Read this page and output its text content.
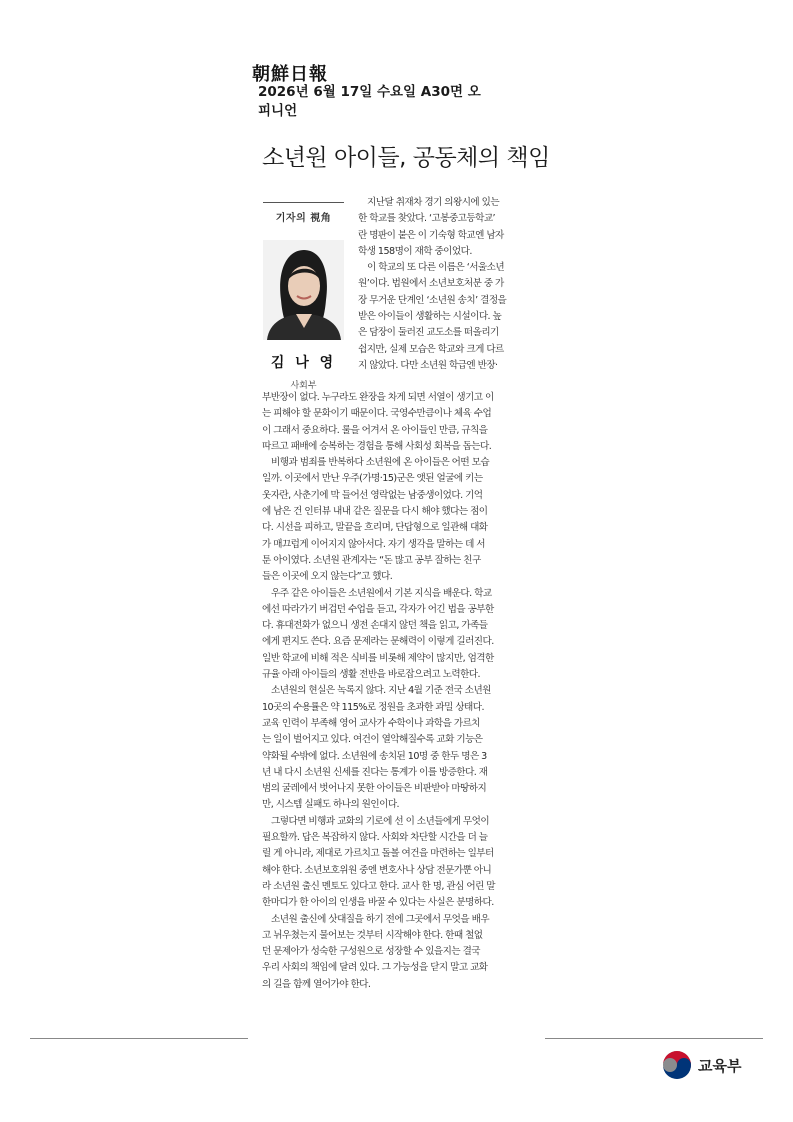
朝鮮日報
2026년 6월 17일 수요일 A30면 오피니언
소년원 아이들, 공동체의 책임
기자의 視角
김 나 영
사회부
　지난달 취재차 경기 의왕시에 있는
한 학교를 찾았다. ‘고봉중고등학교’
란 명판이 붙은 이 기숙형 학교엔 남자
학생 158명이 재학 중이었다.
　이 학교의 또 다른 이름은 ‘서울소년
원’이다. 법원에서 소년보호처분 중 가
장 무거운 단계인 ‘소년원 송치’ 결정을
받은 아이들이 생활하는 시설이다. 높
은 담장이 둘러진 교도소를 떠올리기
쉽지만, 실제 모습은 학교와 크게 다르
지 않았다. 다만 소년원 학급엔 반장·
부반장이 없다. 누구라도 완장을 차게 되면 서열이 생기고 이
는 피해야 할 문화이기 때문이다. 국영수만큼이나 체육 수업
이 그래서 중요하다. 룰을 어겨서 온 아이들인 만큼, 규칙을
따르고 패배에 승복하는 경험을 통해 사회성 회복을 돕는다.
　비행과 범죄를 반복하다 소년원에 온 아이들은 어떤 모습
일까. 이곳에서 만난 우주(가명·15)군은 앳된 얼굴에 키는
웃자란, 사춘기에 막 들어선 영락없는 남중생이었다. 기억
에 남은 건 인터뷰 내내 같은 질문을 다시 해야 했다는 점이
다. 시선을 피하고, 말끝을 흐리며, 단답형으로 일관해 대화
가 매끄럽게 이어지지 않아서다. 자기 생각을 말하는 데 서
툰 아이였다. 소년원 관계자는 “돈 많고 공부 잘하는 친구
들은 이곳에 오지 않는다”고 했다.
　우주 같은 아이들은 소년원에서 기본 지식을 배운다. 학교
에선 따라가기 버겁던 수업을 듣고, 각자가 어긴 법을 공부한
다. 휴대전화가 없으니 생전 손대지 않던 책을 읽고, 가족들
에게 편지도 쓴다. 요즘 문제라는 문해력이 이렇게 길러진다.
일반 학교에 비해 적은 식비를 비롯해 제약이 많지만, 엄격한
규율 아래 아이들의 생활 전반을 바로잡으려고 노력한다.
　소년원의 현실은 녹록지 않다. 지난 4월 기준 전국 소년원
10곳의 수용률은 약 115%로 정원을 초과한 과밀 상태다.
교육 인력이 부족해 영어 교사가 수학이나 과학을 가르치
는 일이 벌어지고 있다. 여건이 열악해질수록 교화 기능은
약화될 수밖에 없다. 소년원에 송치된 10명 중 한두 명은 3
년 내 다시 소년원 신세를 진다는 통계가 이를 방증한다. 재
범의 굴레에서 벗어나지 못한 아이들은 비판받아 마땅하지
만, 시스템 실패도 하나의 원인이다.
　그렇다면 비행과 교화의 기로에 선 이 소년들에게 무엇이
필요할까. 답은 복잡하지 않다. 사회와 차단할 시간을 더 늘
릴 게 아니라, 제대로 가르치고 돌볼 여건을 마련하는 일부터
해야 한다. 소년보호위원 중엔 변호사나 상담 전문가뿐 아니
라 소년원 출신 멘토도 있다고 한다. 교사 한 명, 관심 어린 말
한마디가 한 아이의 인생을 바꿀 수 있다는 사실은 분명하다.
　소년원 출신에 삿대질을 하기 전에 그곳에서 무엇을 배우
고 뉘우쳤는지 물어보는 것부터 시작해야 한다. 한때 철없
던 문제아가 성숙한 구성원으로 성장할 수 있을지는 결국
우리 사회의 책임에 달려 있다. 그 가능성을 닫지 말고 교화
의 길을 함께 열어가야 한다.
교육부
